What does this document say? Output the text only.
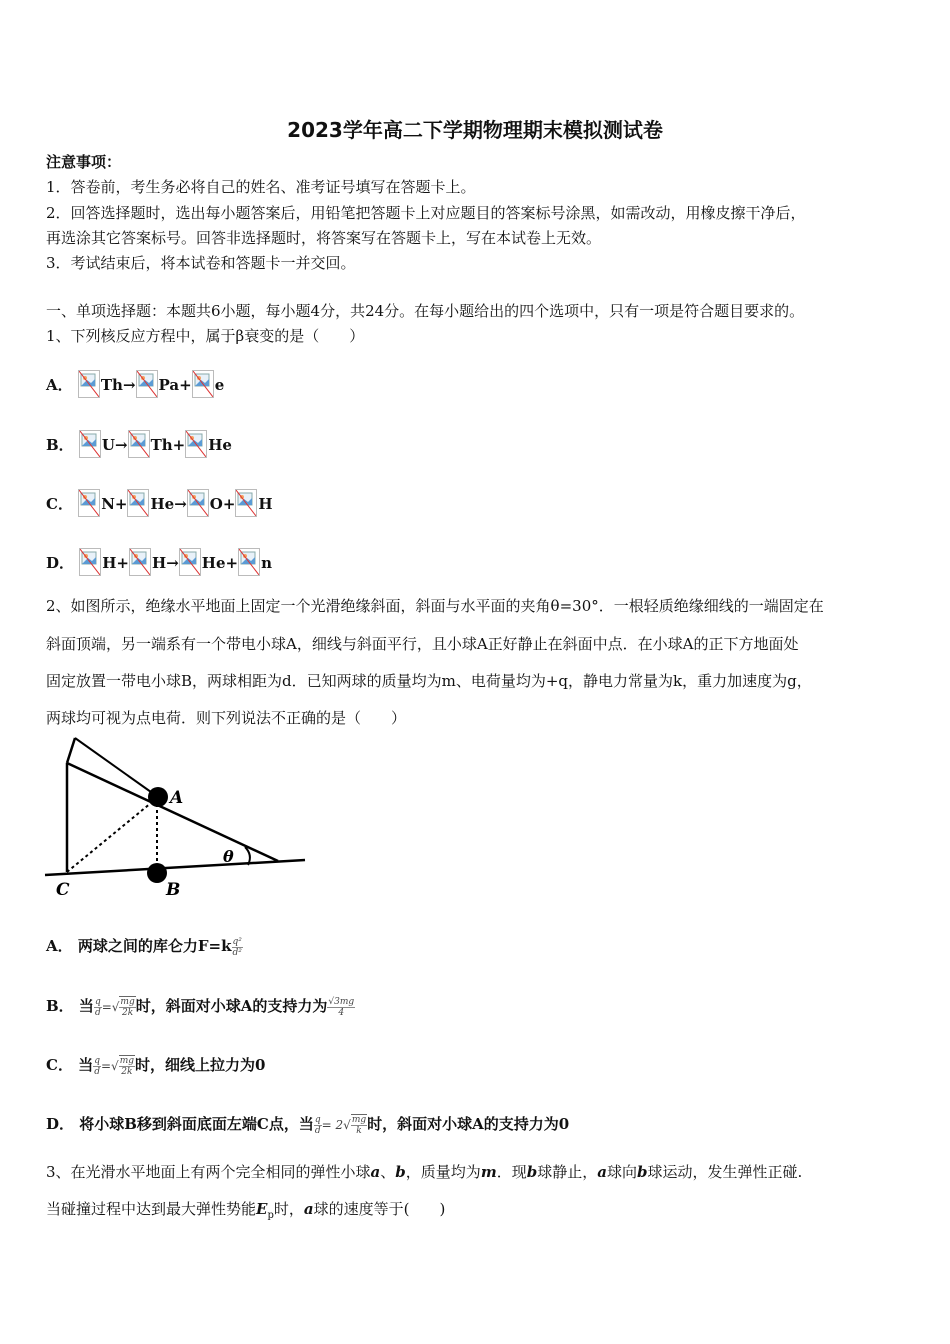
2023学年高二下学期物理期末模拟测试卷
注意事项：
1．答卷前，考生务必将自己的姓名、准考证号填写在答题卡上。
2．回答选择题时，选出每小题答案后，用铅笔把答题卡上对应题目的答案标号涂黑，如需改动，用橡皮擦干净后，
再选涂其它答案标号。回答非选择题时，将答案写在答题卡上，写在本试卷上无效。
3．考试结束后，将本试卷和答题卡一并交回。
一、单项选择题：本题共6小题，每小题4分，共24分。在每小题给出的四个选项中，只有一项是符合题目要求的。
1、下列核反应方程中，属于β衰变的是（　　）
A． Th→ Pa+ e
B． U→ Th+ He
C． N+ He→ O+ H
D． H+ H→ He+ n
2、如图所示，绝缘水平地面上固定一个光滑绝缘斜面，斜面与水平面的夹角θ=30°．一根轻质绝缘细线的一端固定在
斜面顶端，另一端系有一个带电小球A，细线与斜面平行，且小球A正好静止在斜面中点．在小球A的正下方地面处
固定放置一带电小球B，两球相距为d．已知两球的质量均为m、电荷量均为+q，静电力常量为k，重力加速度为g，
两球均可视为点电荷．则下列说法不正确的是（　　）
A
B
C
θ
A． 两球之间的库仑力$F=k \frac{\text{q²}}{\text{d²}}$
B． 当 $\frac{q}{d}$ =√ $\frac{mg}{2k}$ 时，斜面对小球A的支持力为 $\frac{√3mg}{4}$
C． 当 $\frac{q}{d}$ =√ $\frac{mg}{2k}$ 时，细线上拉力为0
D． 将小球B移到斜面底面左端C点，当 $\frac{q}{d} = 2√ \frac{mg}{k}$ 时，斜面对小球A的支持力为0
3、在光滑水平地面上有两个完全相同的弹性小球a、b，质量均为m．现b球静止，a球向b球运动，发生弹性正碰.
当碰撞过程中达到最大弹性势能$E_p$时，a球的速度等于(　　)
